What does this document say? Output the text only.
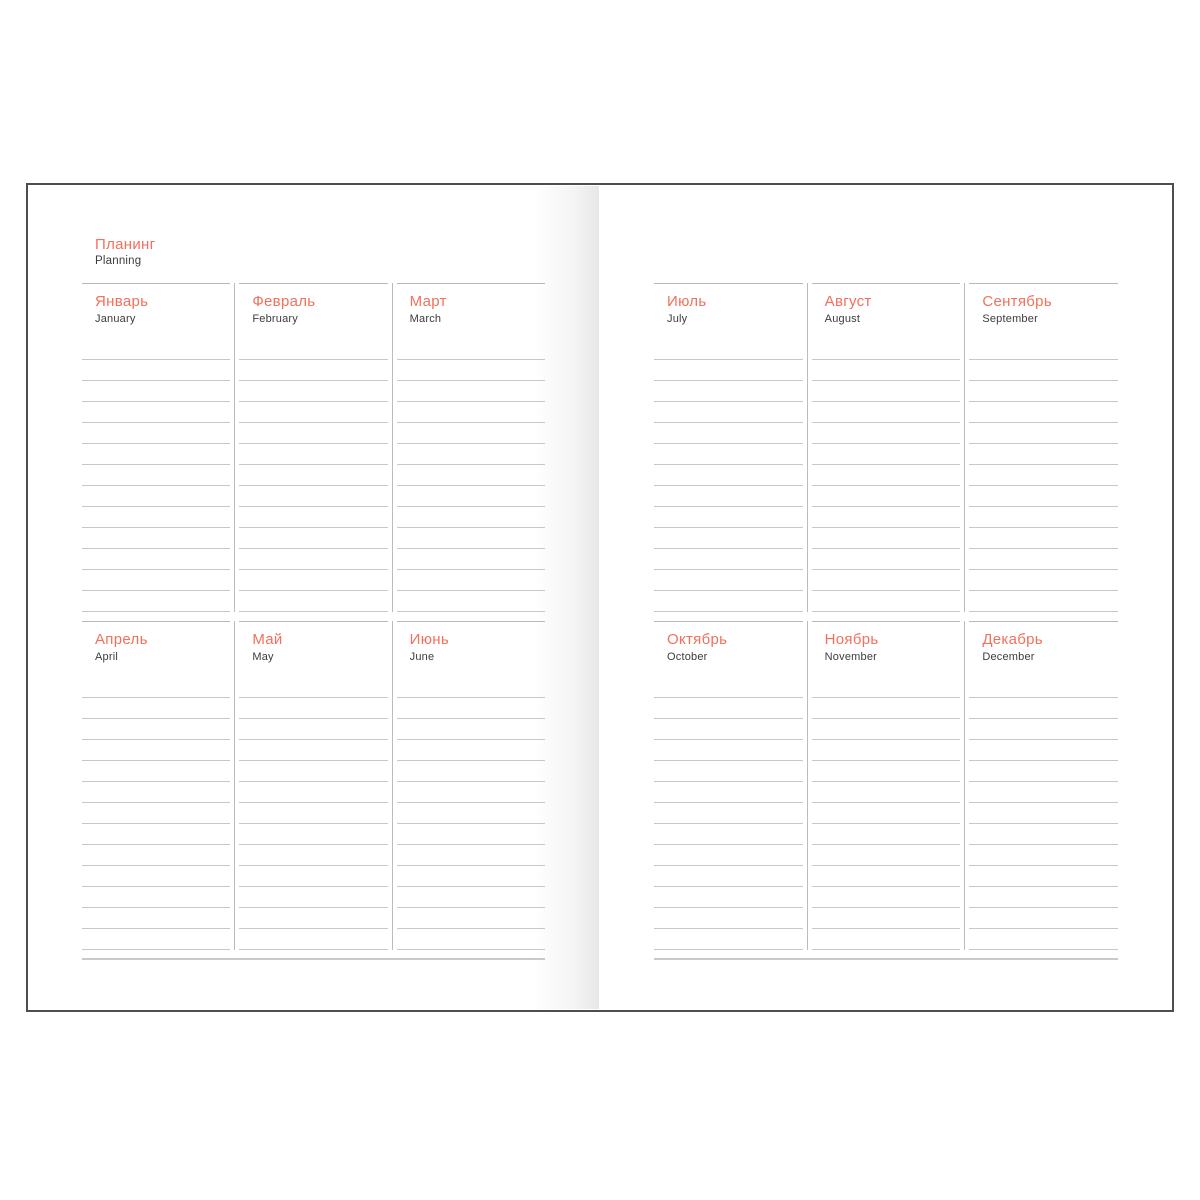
Планинг
Planning
Январь
January
Февраль
February
Март
March
Апрель
April
Май
May
Июнь
June
Июль
July
Август
August
Сентябрь
September
Октябрь
October
Ноябрь
November
Декабрь
December
